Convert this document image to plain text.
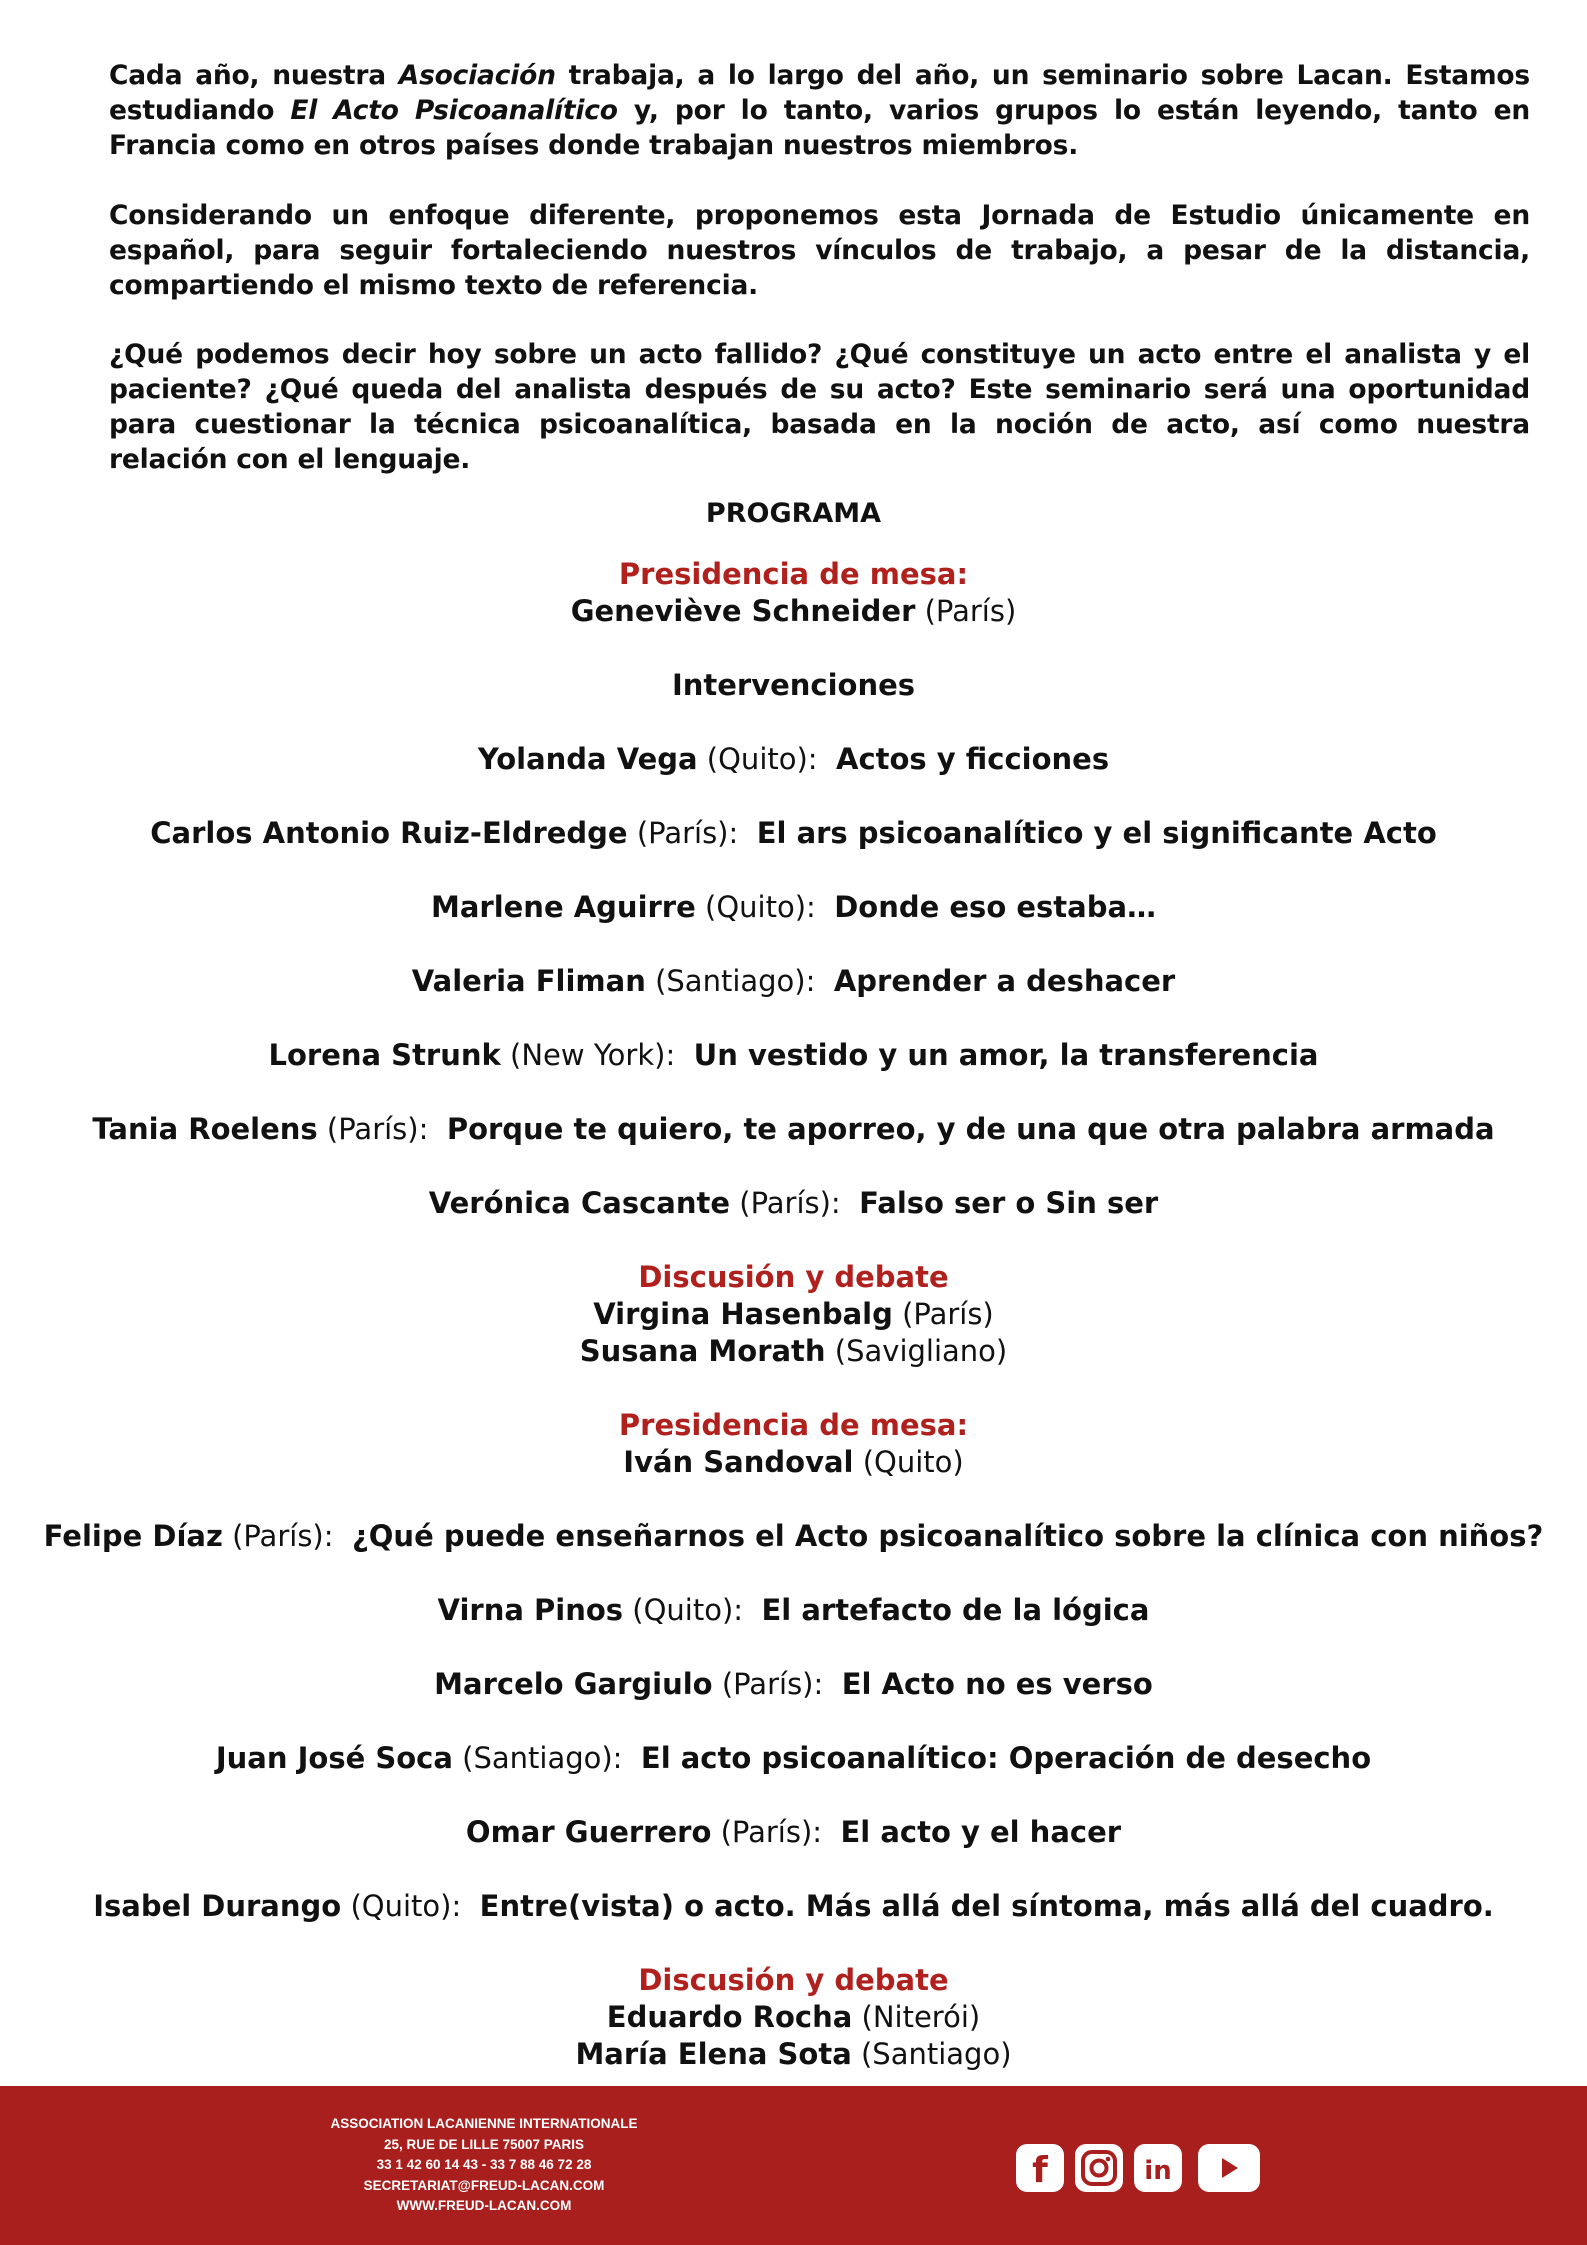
Cada año, nuestra Asociación trabaja, a lo largo del año, un seminario sobre Lacan. Estamos estudiando El Acto Psicoanalítico y, por lo tanto, varios grupos lo están leyendo, tanto en Francia como en otros países donde trabajan nuestros miembros.

Considerando un enfoque diferente, proponemos esta Jornada de Estudio únicamente en español, para seguir fortaleciendo nuestros vínculos de trabajo, a pesar de la distancia, compartiendo el mismo texto de referencia.

¿Qué podemos decir hoy sobre un acto fallido? ¿Qué constituye un acto entre el analista y el paciente? ¿Qué queda del analista después de su acto? Este seminario será una oportunidad para cuestionar la técnica psicoanalítica, basada en la noción de acto, así como nuestra relación con el lenguaje.

PROGRAMA
Presidencia de mesa:
Geneviève Schneider (París)
Intervenciones
Yolanda Vega (Quito): Actos y ficciones
Carlos Antonio Ruiz-Eldredge (París): El ars psicoanalítico y el significante Acto
Marlene Aguirre (Quito): Donde eso estaba…
Valeria Fliman (Santiago): Aprender a deshacer
Lorena Strunk (New York): Un vestido y un amor, la transferencia
Tania Roelens (París): Porque te quiero, te aporreo, y de una que otra palabra armada
Verónica Cascante (París): Falso ser o Sin ser
Discusión y debate
Virgina Hasenbalg (París)
Susana Morath (Savigliano)
Presidencia de mesa:
Iván Sandoval (Quito)
Felipe Díaz (París): ¿Qué puede enseñarnos el Acto psicoanalítico sobre la clínica con niños?
Virna Pinos (Quito): El artefacto de la lógica
Marcelo Gargiulo (París): El Acto no es verso
Juan José Soca (Santiago): El acto psicoanalítico: Operación de desecho
Omar Guerrero (París): El acto y el hacer
Isabel Durango (Quito): Entre(vista) o acto. Más allá del síntoma, más allá del cuadro.
Discusión y debate
Eduardo Rocha (Niterói)
María Elena Sota (Santiago)
ASSOCIATION LACANIENNE INTERNATIONALE
25, RUE DE LILLE 75007 PARIS
33 1 42 60 14 43 - 33 7 88 46 72 28
SECRETARIAT@FREUD-LACAN.COM
WWW.FREUD-LACAN.COM
f	in
